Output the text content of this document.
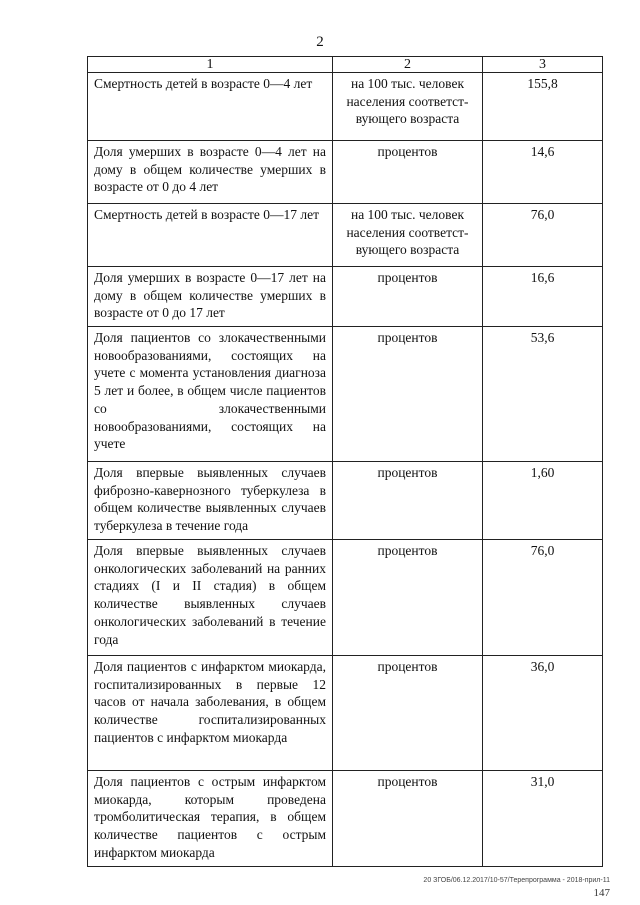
2
1	2	3
Смертность детей в возрасте 0—4 лет	на 100 тыс. человек населения соответст-вующего возраста	155,8
Доля умерших в возрасте 0—4 лет на дому в общем количестве умерших в возрасте от 0 до 4 лет	процентов	14,6
Смертность детей в возрасте 0—17 лет	на 100 тыс. человек населения соответст-вующего возраста	76,0
Доля умерших в возрасте 0—17 лет на дому в общем количестве умерших в возрасте от 0 до 17 лет	процентов	16,6
Доля пациентов со злокачественными новообразованиями, состоящих на учете с момента установления диагноза 5 лет и более, в общем числе пациентов со злокачественными новообразованиями, состоящих на учете	процентов	53,6
Доля впервые выявленных случаев фиброзно-кавернозного туберкулеза в общем количестве выявленных случаев туберкулеза в течение года	процентов	1,60
Доля впервые выявленных случаев онкологических заболеваний на ранних стадиях (I и II стадия) в общем количестве выявленных случаев онкологических заболеваний в течение года	процентов	76,0
Доля пациентов с инфарктом миокарда, госпитализированных в первые 12 часов от начала заболевания, в общем количестве госпитализированных пациентов с инфарктом миокарда	процентов	36,0
Доля пациентов с острым инфарктом миокарда, которым проведена тромболитическая терапия, в общем количестве пациентов с острым инфарктом миокарда	процентов	31,0
20 ЗГОБ/06.12.2017/10-57/Терепрограмма - 2018-прил-11
147
